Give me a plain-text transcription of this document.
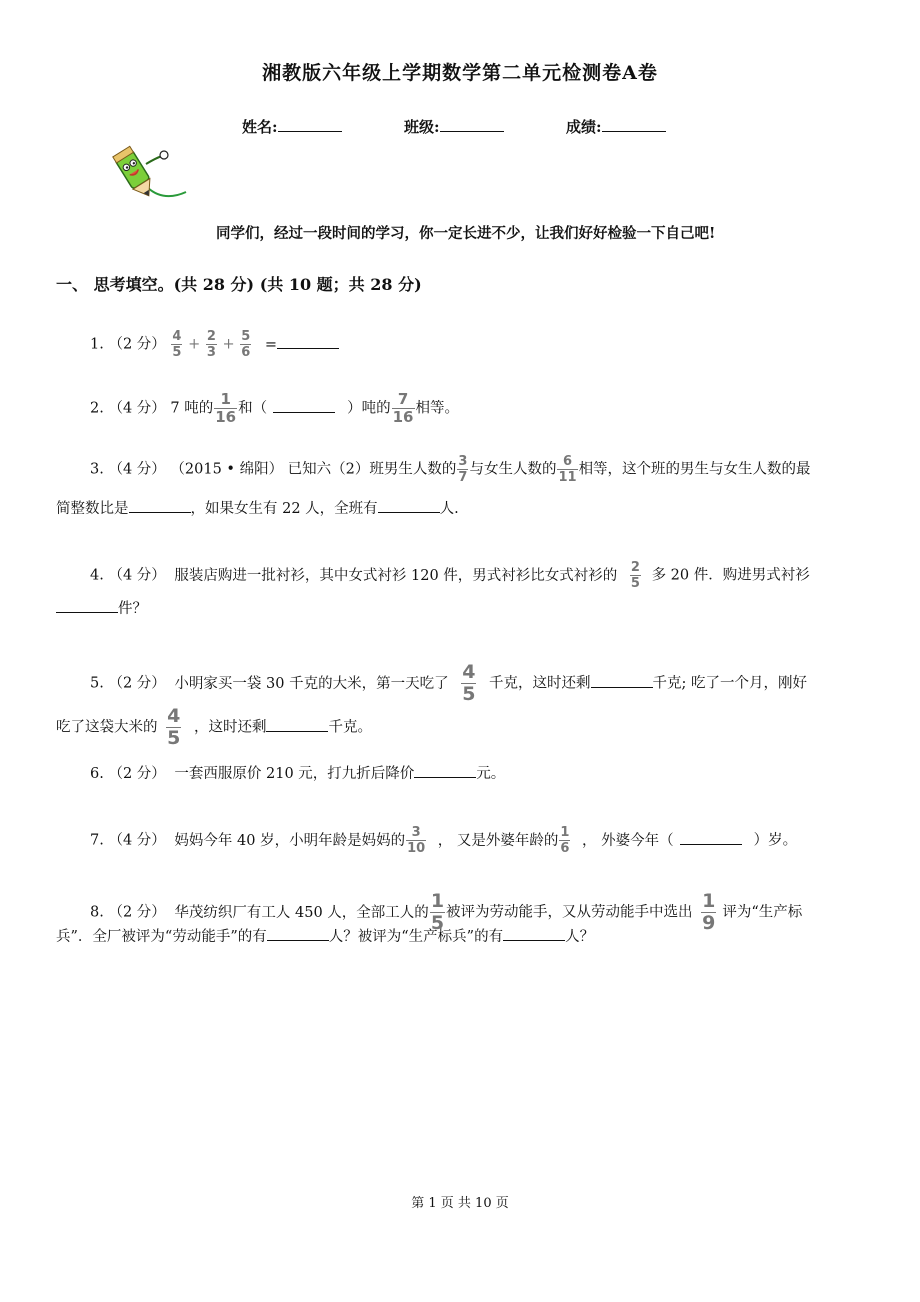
湘教版六年级上学期数学第二单元检测卷A卷
姓名:	班级:	成绩:
同学们，经过一段时间的学习，你一定长进不少，让我们好好检验一下自己吧!
一、 思考填空。(共 28 分) (共 10 题；共 28 分)
1. （2 分） $\frac{4}{5} + \frac{2}{3} + \frac{5}{6}$ =
2. （4 分） 7 吨的 $\frac{1}{16}$ 和（	）吨的 $\frac{7}{16}$ 相等。
3. （4 分） （2015 • 绵阳） 已知六（2）班男生人数的 $\frac{3}{7}$ 与女生人数的 $\frac{6}{11}$ 相等，这个班的男生与女生人数的最
简整数比是	，如果女生有 22 人，全班有	人.
4. （4 分） 服装店购进一批衬衫，其中女式衬衫 120 件，男式衬衫比女式衬衫的 $\frac{2}{5}$ 多 20 件．购进男式衬衫
件？
5. （2 分） 小明家买一袋 30 千克的大米，第一天吃了 $\frac{4}{5}$ 千克，这时还剩	千克; 吃了一个月，刚好
吃了这袋大米的 $\frac{4}{5}$ ，这时还剩	千克。
6. （2 分） 一套西服原价 210 元，打九折后降价	元。
7. （4 分） 妈妈今年 40 岁，小明年龄是妈妈的 $\frac{3}{10}$ ， 又是外婆年龄的 $\frac{1}{6}$ ， 外婆今年（	）岁。
8. （2 分） 华茂纺织厂有工人 450 人，全部工人的 $\frac{1}{5}$ 被评为劳动能手，又从劳动能手中选出 $\frac{1}{9}$ 评为“生产标
兵”．全厂被评为“劳动能手”的有	人？被评为“生产标兵”的有	人？
第 1 页 共 10 页
